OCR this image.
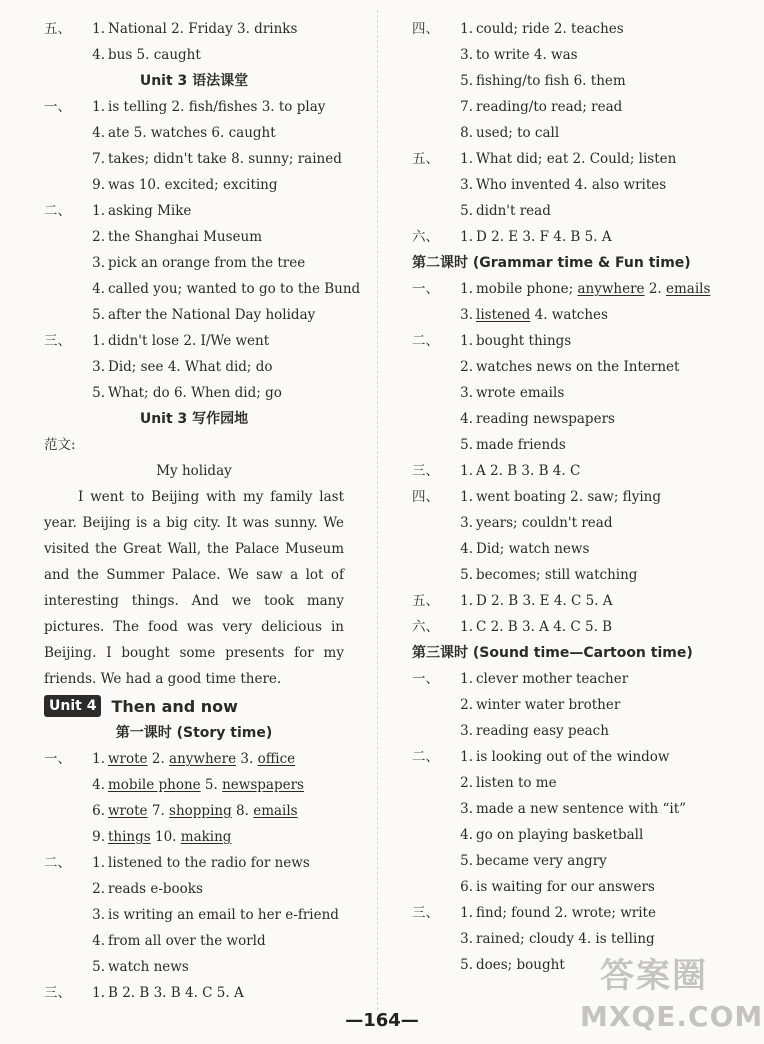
五、	1. National 2. Friday 3. drinks
4. bus 5. caught
Unit 3 语法课堂
一、	1. is telling 2. fish/fishes 3. to play
4. ate 5. watches 6. caught
7. takes; didn't take 8. sunny; rained
9. was 10. excited; exciting
二、	1. asking Mike
2. the Shanghai Museum
3. pick an orange from the tree
4. called you; wanted to go to the Bund
5. after the National Day holiday
三、	1. didn't lose 2. I/We went
3. Did; see 4. What did; do
5. What; do 6. When did; go
Unit 3 写作园地
范文:
My holiday
I went to Beijing with my family last
year. Beijing is a big city. It was sunny. We
visited the Great Wall, the Palace Museum
and the Summer Palace. We saw a lot of
interesting things. And we took many
pictures. The food was very delicious in
Beijing. I bought some presents for my
friends. We had a good time there.
Unit 4 Then and now
第一课时 (Story time)
一、	1. wrote 2. anywhere 3. office
4. mobile phone 5. newspapers
6. wrote 7. shopping 8. emails
9. things 10. making
二、	1. listened to the radio for news
2. reads e-books
3. is writing an email to her e-friend
4. from all over the world
5. watch news
三、	1. B 2. B 3. B 4. C 5. A
四、	1. could; ride 2. teaches
3. to write 4. was
5. fishing/to fish 6. them
7. reading/to read; read
8. used; to call
五、	1. What did; eat 2. Could; listen
3. Who invented 4. also writes
5. didn't read
六、	1. D 2. E 3. F 4. B 5. A
第二课时 (Grammar time & Fun time)
一、	1. mobile phone; anywhere 2. emails
3. listened 4. watches
二、	1. bought things
2. watches news on the Internet
3. wrote emails
4. reading newspapers
5. made friends
三、	1. A 2. B 3. B 4. C
四、	1. went boating 2. saw; flying
3. years; couldn't read
4. Did; watch news
5. becomes; still watching
五、	1. D 2. B 3. E 4. C 5. A
六、	1. C 2. B 3. A 4. C 5. B
第三课时 (Sound time—Cartoon time)
一、	1. clever mother teacher
2. winter water brother
3. reading easy peach
二、	1. is looking out of the window
2. listen to me
3. made a new sentence with “it”
4. go on playing basketball
5. became very angry
6. is waiting for our answers
三、	1. find; found 2. wrote; write
3. rained; cloudy 4. is telling
5. does; bought
—164—
答案圈
MXQE.COM
